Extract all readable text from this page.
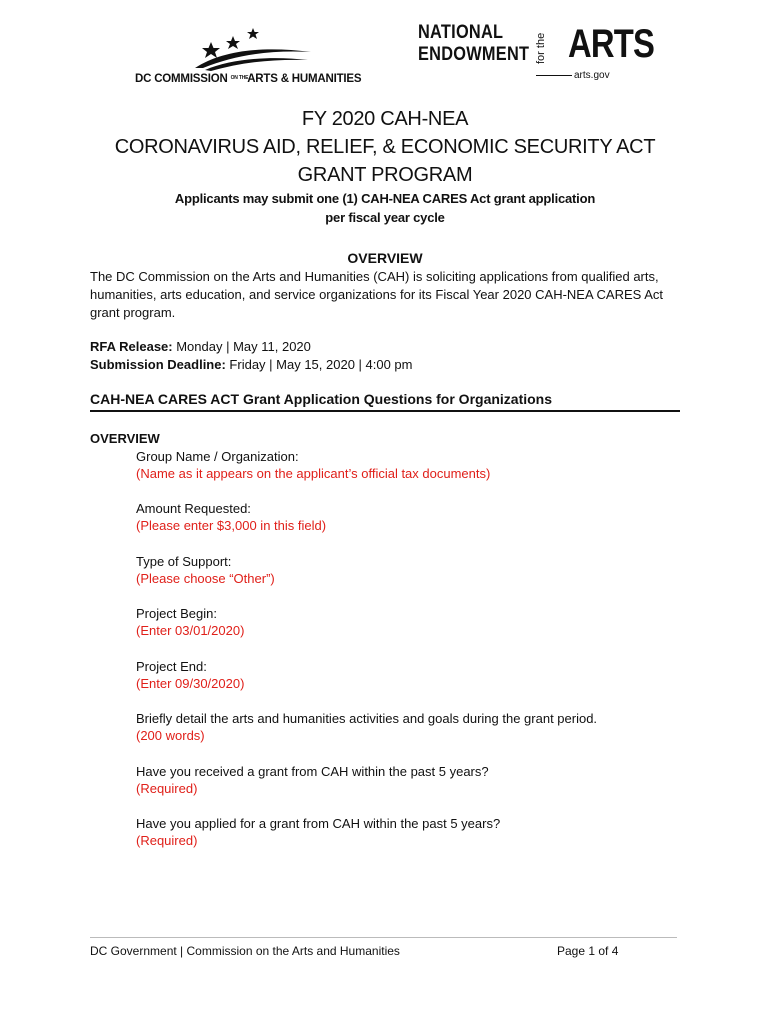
DC COMMISSION ON THE ARTS & HUMANITIES
NATIONAL
ENDOWMENT for the ARTS
arts.gov
FY 2020 CAH-NEA
CORONAVIRUS AID, RELIEF, & ECONOMIC SECURITY ACT
GRANT PROGRAM
Applicants may submit one (1) CAH-NEA CARES Act grant application
per fiscal year cycle
OVERVIEW
The DC Commission on the Arts and Humanities (CAH) is soliciting applications from qualified arts, humanities, arts education, and service organizations for its Fiscal Year 2020 CAH-NEA CARES Act grant program.
RFA Release: Monday | May 11, 2020
Submission Deadline: Friday | May 15, 2020 | 4:00 pm
CAH-NEA CARES ACT Grant Application Questions for Organizations
OVERVIEW
Group Name / Organization:
(Name as it appears on the applicant’s official tax documents)
Amount Requested:
(Please enter $3,000 in this field)
Type of Support:
(Please choose “Other”)
Project Begin:
(Enter 03/01/2020)
Project End:
(Enter 09/30/2020)
Briefly detail the arts and humanities activities and goals during the grant period.
(200 words)
Have you received a grant from CAH within the past 5 years?
(Required)
Have you applied for a grant from CAH within the past 5 years?
(Required)
DC Government | Commission on the Arts and Humanities	Page 1 of 4
